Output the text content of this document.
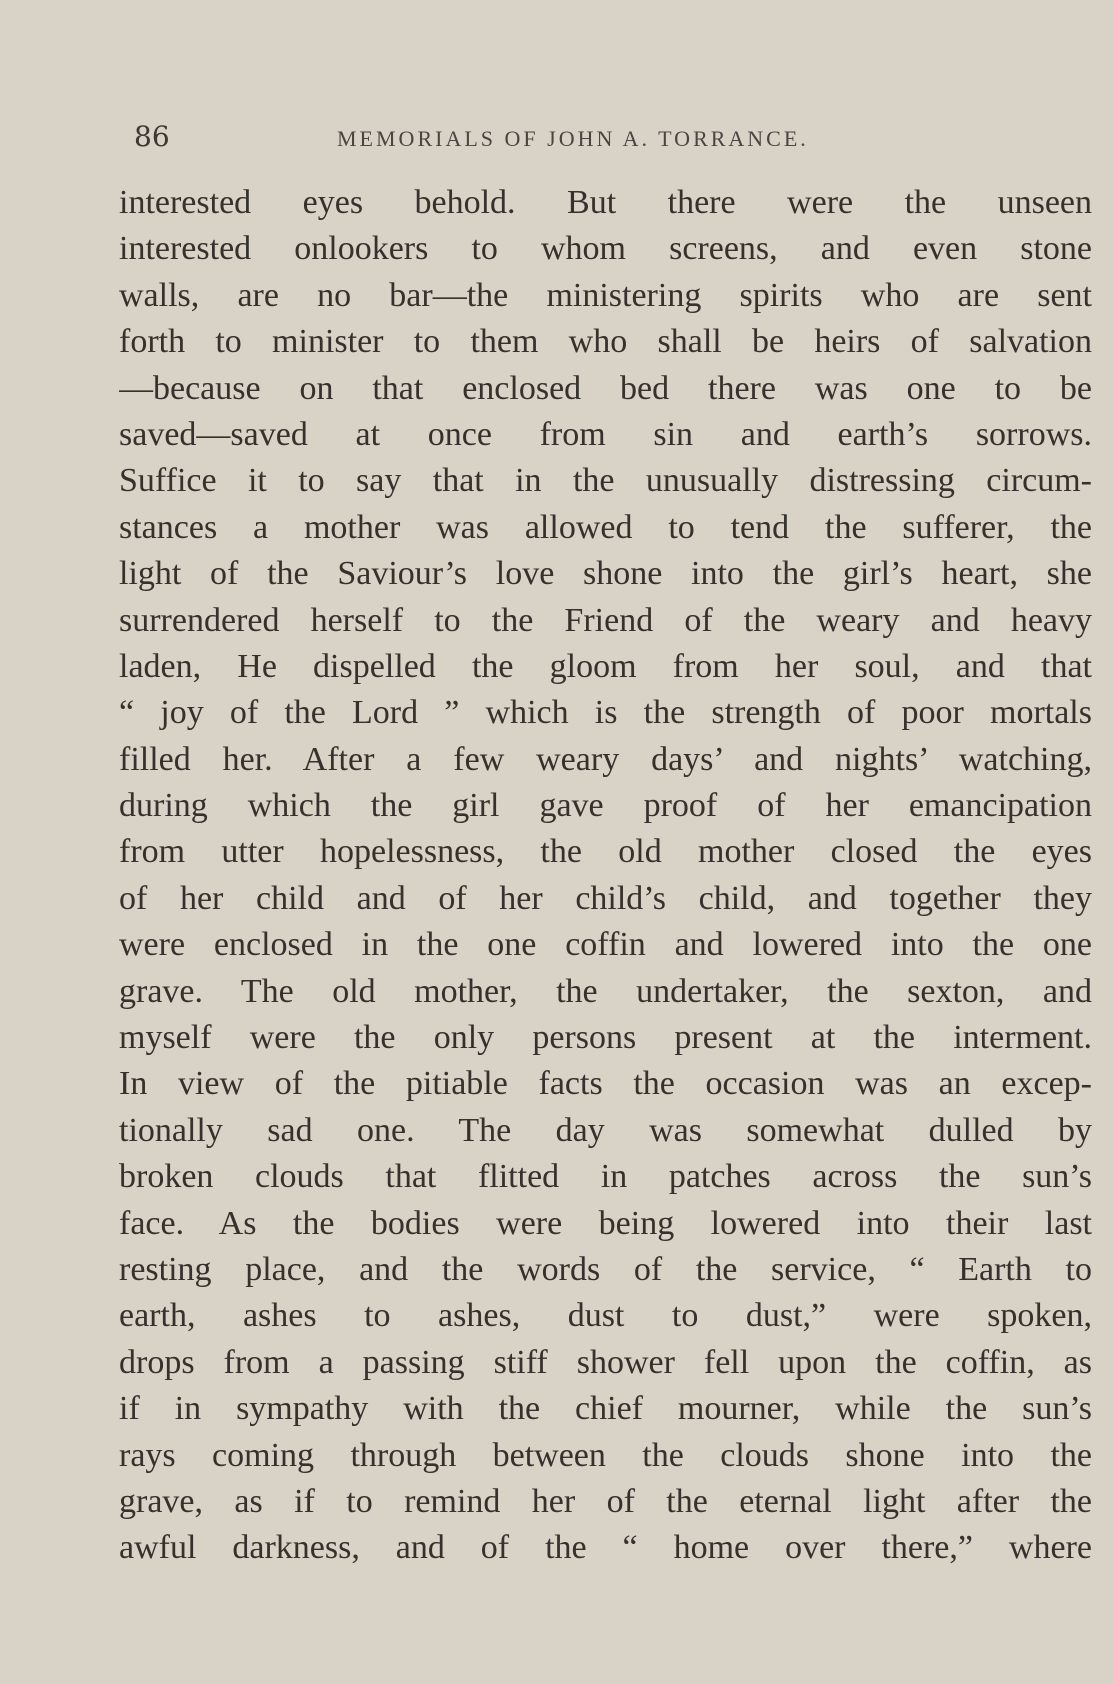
86	MEMORIALS OF JOHN A. TORRANCE.
interested eyes behold. But there were the unseen
interested onlookers to whom screens, and even stone
walls, are no bar—the ministering spirits who are sent
forth to minister to them who shall be heirs of salvation
—because on that enclosed bed there was one to be
saved—saved at once from sin and earth’s sorrows.
Suffice it to say that in the unusually distressing circum-
stances a mother was allowed to tend the sufferer, the
light of the Saviour’s love shone into the girl’s heart, she
surrendered herself to the Friend of the weary and heavy
laden, He dispelled the gloom from her soul, and that
“ joy of the Lord ” which is the strength of poor mortals
filled her. After a few weary days’ and nights’ watching,
during which the girl gave proof of her emancipation
from utter hopelessness, the old mother closed the eyes
of her child and of her child’s child, and together they
were enclosed in the one coffin and lowered into the one
grave. The old mother, the undertaker, the sexton, and
myself were the only persons present at the interment.
In view of the pitiable facts the occasion was an excep-
tionally sad one. The day was somewhat dulled by
broken clouds that flitted in patches across the sun’s
face. As the bodies were being lowered into their last
resting place, and the words of the service, “ Earth to
earth, ashes to ashes, dust to dust,” were spoken,
drops from a passing stiff shower fell upon the coffin, as
if in sympathy with the chief mourner, while the sun’s
rays coming through between the clouds shone into the
grave, as if to remind her of the eternal light after the
awful darkness, and of the “ home over there,” where
